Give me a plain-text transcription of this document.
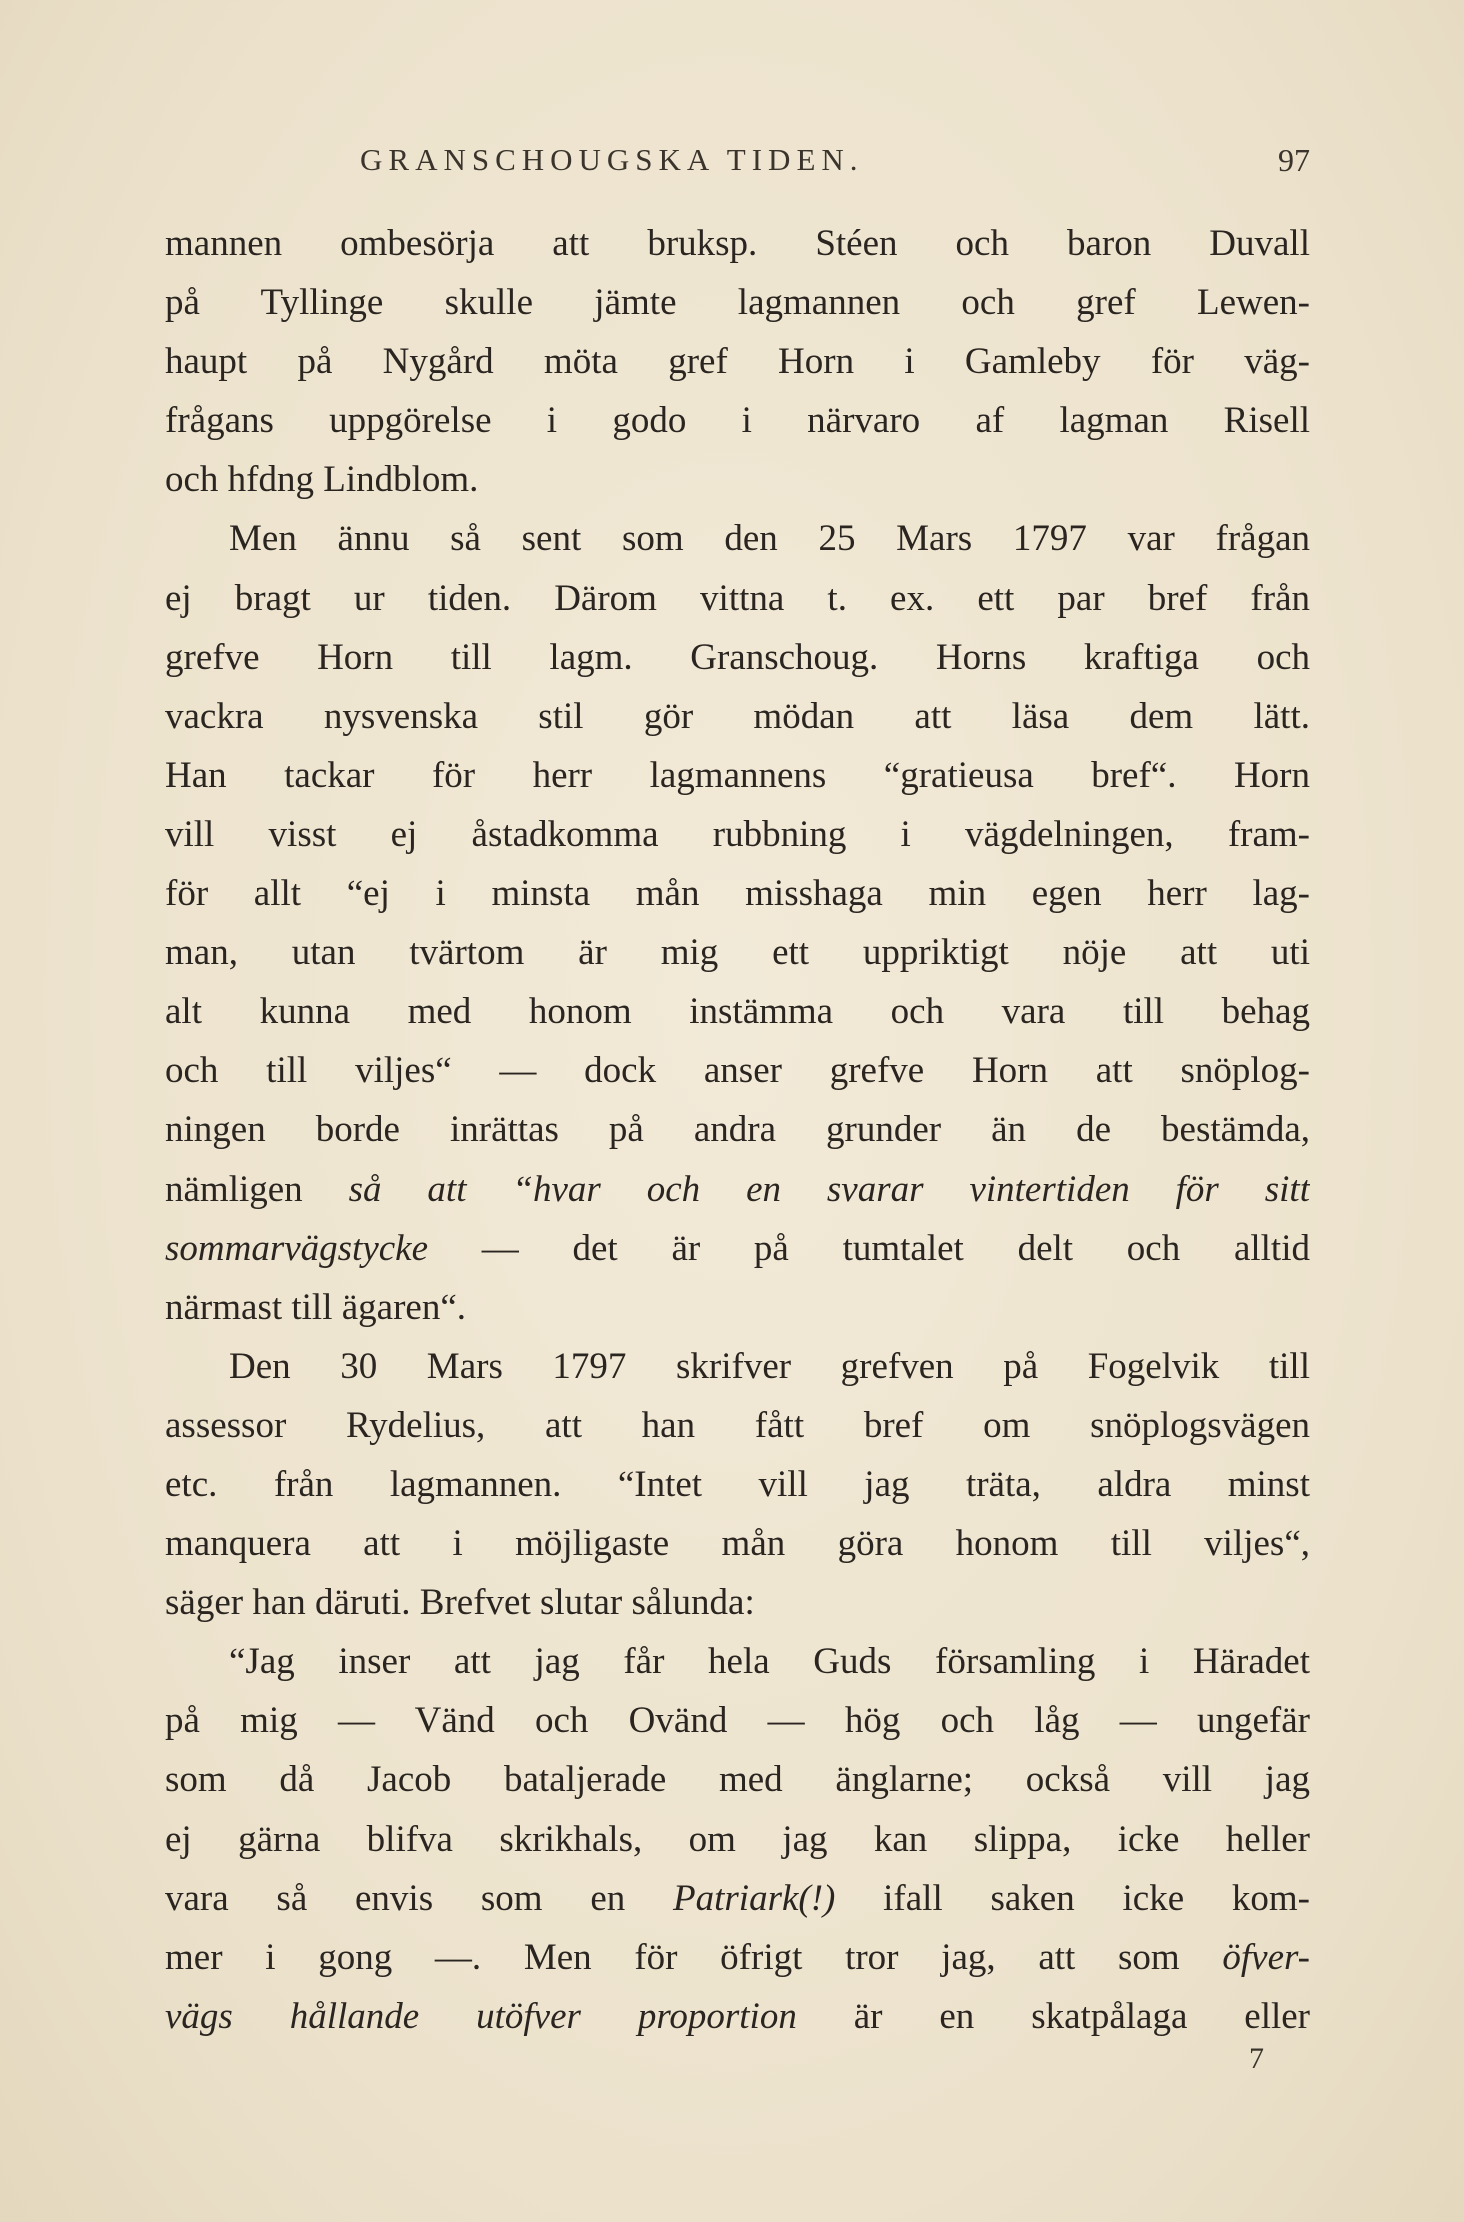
GRANSCHOUGSKA TIDEN.	97
mannen ombesörja att bruksp. Stéen och baron Duvall
på Tyllinge skulle jämte lagmannen och gref Lewen-
haupt på Nygård möta gref Horn i Gamleby för väg-
frågans uppgörelse i godo i närvaro af lagman Risell
och hfdng Lindblom.
Men ännu så sent som den 25 Mars 1797 var frågan
ej bragt ur tiden. Därom vittna t. ex. ett par bref från
grefve Horn till lagm. Granschoug. Horns kraftiga och
vackra nysvenska stil gör mödan att läsa dem lätt.
Han tackar för herr lagmannens “gratieusa bref“. Horn
vill visst ej åstadkomma rubbning i vägdelningen, fram-
för allt “ej i minsta mån misshaga min egen herr lag-
man, utan tvärtom är mig ett uppriktigt nöje att uti
alt kunna med honom instämma och vara till behag
och till viljes“ — dock anser grefve Horn att snöplog-
ningen borde inrättas på andra grunder än de bestämda,
nämligen så att “hvar och en svarar vintertiden för sitt
sommarvägstycke — det är på tumtalet delt och alltid
närmast till ägaren“.
Den 30 Mars 1797 skrifver grefven på Fogelvik till
assessor Rydelius, att han fått bref om snöplogsvägen
etc. från lagmannen. “Intet vill jag träta, aldra minst
manquera att i möjligaste mån göra honom till viljes“,
säger han däruti. Brefvet slutar sålunda:
“Jag inser att jag får hela Guds församling i Häradet
på mig — Vänd och Ovänd — hög och låg — ungefär
som då Jacob bataljerade med änglarne; också vill jag
ej gärna blifva skrikhals, om jag kan slippa, icke heller
vara så envis som en Patriark(!) ifall saken icke kom-
mer i gong —. Men för öfrigt tror jag, att som öfver-
vägs hållande utöfver proportion är en skatpålaga eller
7
